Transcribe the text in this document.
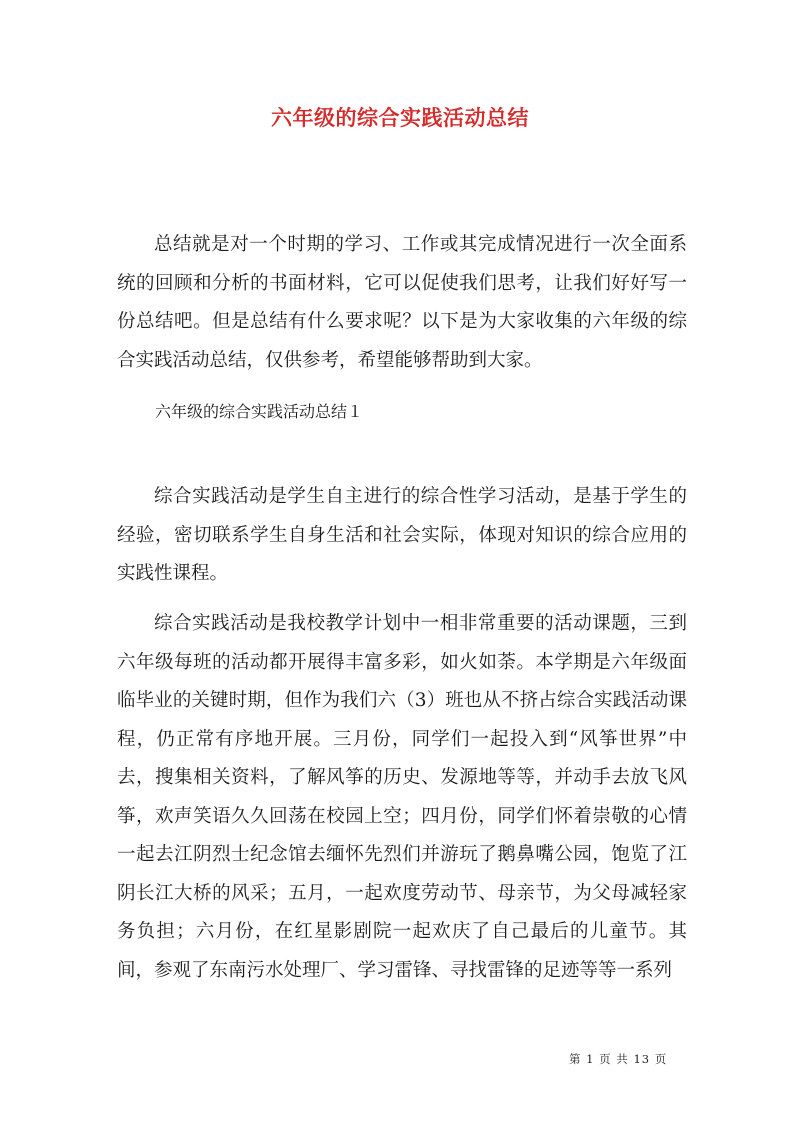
六年级的综合实践活动总结

总结就是对一个时期的学习、工作或其完成情况进行一次全面系统的回顾和分析的书面材料，它可以促使我们思考，让我们好好写一份总结吧。但是总结有什么要求呢？以下是为大家收集的六年级的综合实践活动总结，仅供参考，希望能够帮助到大家。

六年级的综合实践活动总结１

综合实践活动是学生自主进行的综合性学习活动，是基于学生的经验，密切联系学生自身生活和社会实际，体现对知识的综合应用的实践性课程。

综合实践活动是我校教学计划中一相非常重要的活动课题，三到六年级每班的活动都开展得丰富多彩，如火如荼。本学期是六年级面临毕业的关键时期，但作为我们六（3）班也从不挤占综合实践活动课程，仍正常有序地开展。三月份，同学们一起投入到“风筝世界”中去，搜集相关资料，了解风筝的历史、发源地等等，并动手去放飞风筝，欢声笑语久久回荡在校园上空；四月份，同学们怀着崇敬的心情一起去江阴烈士纪念馆去缅怀先烈们并游玩了鹅鼻嘴公园，饱览了江阴长江大桥的风采；五月，一起欢度劳动节、母亲节，为父母减轻家务负担；六月份，在红星影剧院一起欢庆了自己最后的儿童节。其间，参观了东南污水处理厂、学习雷锋、寻找雷锋的足迹等等一系列

第 1 页 共 13 页
